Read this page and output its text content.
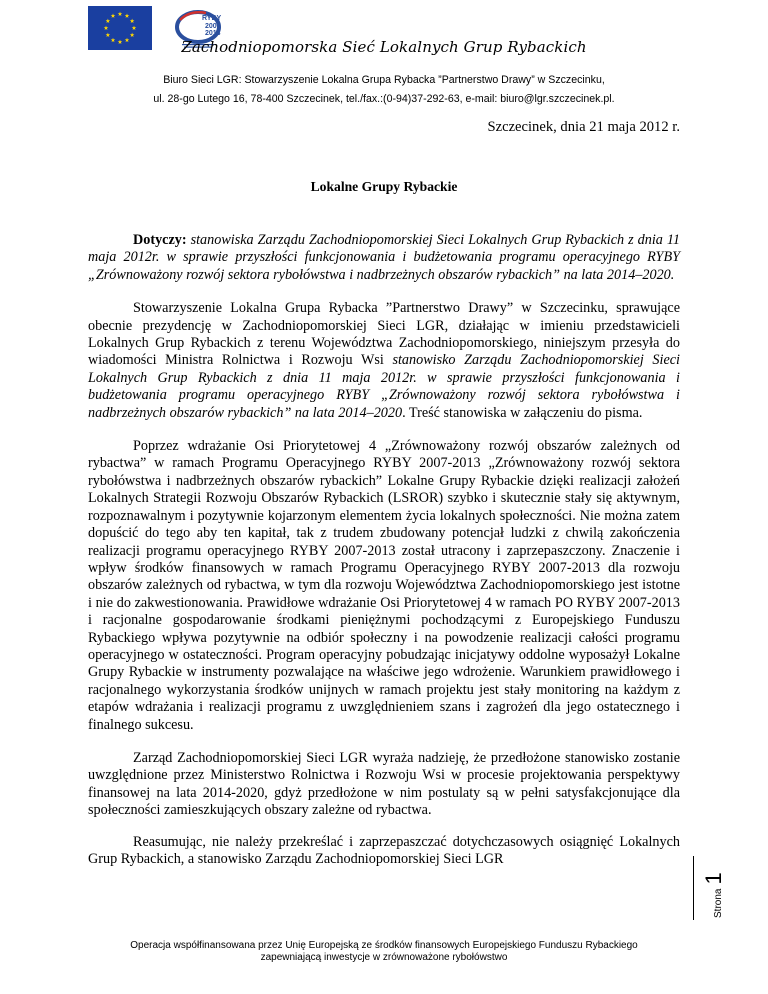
RYBY
2007
2013
Zachodniopomorska Sieć Lokalnych Grup Rybackich
Biuro Sieci LGR: Stowarzyszenie Lokalna Grupa Rybacka ”Partnerstwo Drawy” w Szczecinku,
ul. 28-go Lutego 16, 78-400 Szczecinek, tel./fax.:(0-94)37-292-63, e-mail: biuro@lgr.szczecinek.pl.
Szczecinek, dnia 21 maja 2012 r.
Lokalne Grupy Rybackie

Dotyczy: stanowiska Zarządu Zachodniopomorskiej Sieci Lokalnych Grup Rybackich z dnia 11 maja 2012r. w sprawie przyszłości funkcjonowania i budżetowania programu operacyjnego RYBY „Zrównoważony rozwój sektora rybołówstwa i nadbrzeżnych obszarów rybackich” na lata 2014–2020.

Stowarzyszenie Lokalna Grupa Rybacka ”Partnerstwo Drawy” w Szczecinku, sprawujące obecnie prezydencję w Zachodniopomorskiej Sieci LGR, działając w imieniu przedstawicieli Lokalnych Grup Rybackich z terenu Województwa Zachodniopomorskiego, niniejszym przesyła do wiadomości Ministra Rolnictwa i Rozwoju Wsi stanowisko Zarządu Zachodniopomorskiej Sieci Lokalnych Grup Rybackich z dnia 11 maja 2012r. w sprawie przyszłości funkcjonowania i budżetowania programu operacyjnego RYBY „Zrównoważony rozwój sektora rybołówstwa i nadbrzeżnych obszarów rybackich” na lata 2014–2020. Treść stanowiska w załączeniu do pisma.

Poprzez wdrażanie Osi Priorytetowej 4 „Zrównoważony rozwój obszarów zależnych od rybactwa” w ramach Programu Operacyjnego RYBY 2007-2013 „Zrównoważony rozwój sektora rybołówstwa i nadbrzeżnych obszarów rybackich” Lokalne Grupy Rybackie dzięki realizacji założeń Lokalnych Strategii Rozwoju Obszarów Rybackich (LSROR) szybko i skutecznie stały się aktywnym, rozpoznawalnym i pozytywnie kojarzonym elementem życia lokalnych społeczności. Nie można zatem dopuścić do tego aby ten kapitał, tak z trudem zbudowany potencjał ludzki z chwilą zakończenia realizacji programu operacyjnego RYBY 2007-2013 został utracony i zaprzepaszczony. Znaczenie i wpływ środków finansowych w ramach Programu Operacyjnego RYBY 2007-2013 dla rozwoju obszarów zależnych od rybactwa, w tym dla rozwoju Województwa Zachodniopomorskiego jest istotne i nie do zakwestionowania. Prawidłowe wdrażanie Osi Priorytetowej 4 w ramach PO RYBY 2007-2013 i racjonalne gospodarowanie środkami pieniężnymi pochodzącymi z Europejskiego Funduszu Rybackiego wpływa pozytywnie na odbiór społeczny i na powodzenie realizacji całości programu operacyjnego w ostateczności. Program operacyjny pobudzając inicjatywy oddolne wyposażył Lokalne Grupy Rybackie w instrumenty pozwalające na właściwe jego wdrożenie. Warunkiem prawidłowego i racjonalnego wykorzystania środków unijnych w ramach projektu jest stały monitoring na każdym z etapów wdrażania i realizacji programu z uwzględnieniem szans i zagrożeń dla jego ostatecznego i finalnego sukcesu.

Zarząd Zachodniopomorskiej Sieci LGR wyraża nadzieję, że przedłożone stanowisko zostanie uwzględnione przez Ministerstwo Rolnictwa i Rozwoju Wsi w procesie projektowania perspektywy finansowej na lata 2014-2020, gdyż przedłożone w nim postulaty są w pełni satysfakcjonujące dla społeczności zamieszkujących obszary zależne od rybactwa.

Reasumując, nie należy przekreślać i zaprzepaszczać dotychczasowych osiągnięć Lokalnych Grup Rybackich, a stanowisko Zarządu Zachodniopomorskiej Sieci LGR

Strona
1
Operacja współfinansowana przez Unię Europejską ze środków finansowych Europejskiego Funduszu Rybackiego
zapewniającą inwestycje w zrównoważone rybołówstwo
